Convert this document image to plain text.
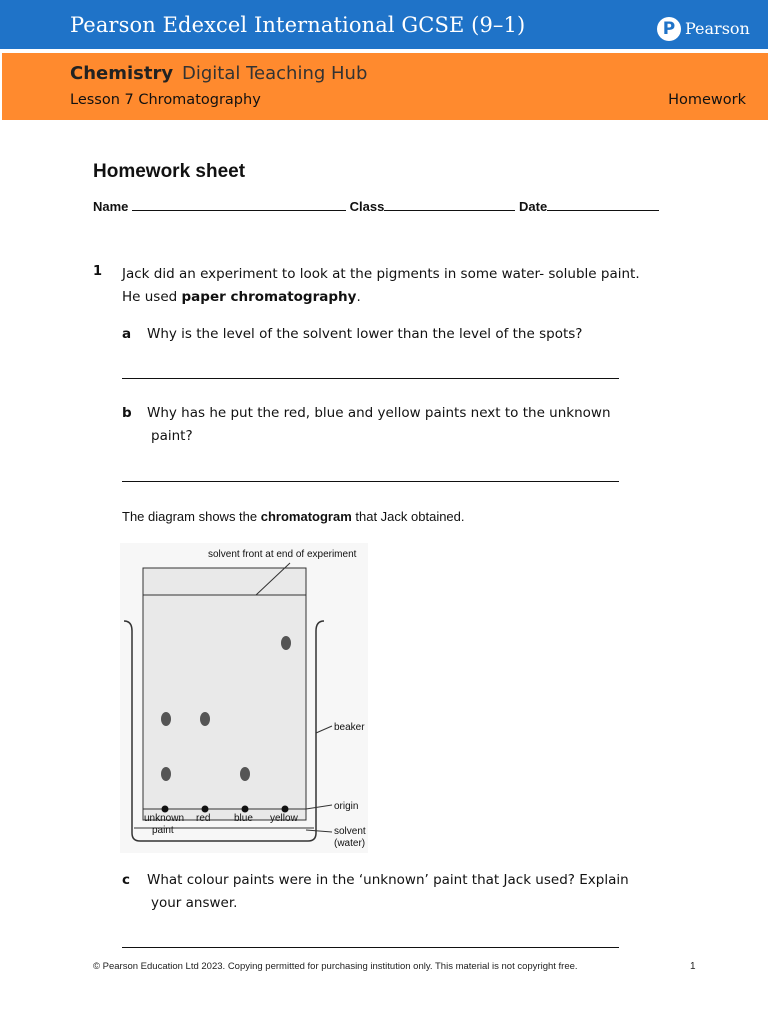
Pearson Edexcel International GCSE (9–1)	P Pearson
Chemistry Digital Teaching Hub
Lesson 7 Chromatography	Homework
Homework sheet
Name	Class	Date
1 Jack did an experiment to look at the pigments in some water- soluble paint.
He used paper chromatography.
a Why is the level of the solvent lower than the level of the spots?
b Why has he put the red, blue and yellow paints next to the unknown
paint?
The diagram shows the chromatogram that Jack obtained.
solvent front at end of experiment
beaker
solvent
(water)
origin
unknown
paint
red blue yellow
c What colour paints were in the ‘unknown’ paint that Jack used? Explain
your answer.
© Pearson Education Ltd 2023. Copying permitted for purchasing institution only. This material is not copyright free.	1
